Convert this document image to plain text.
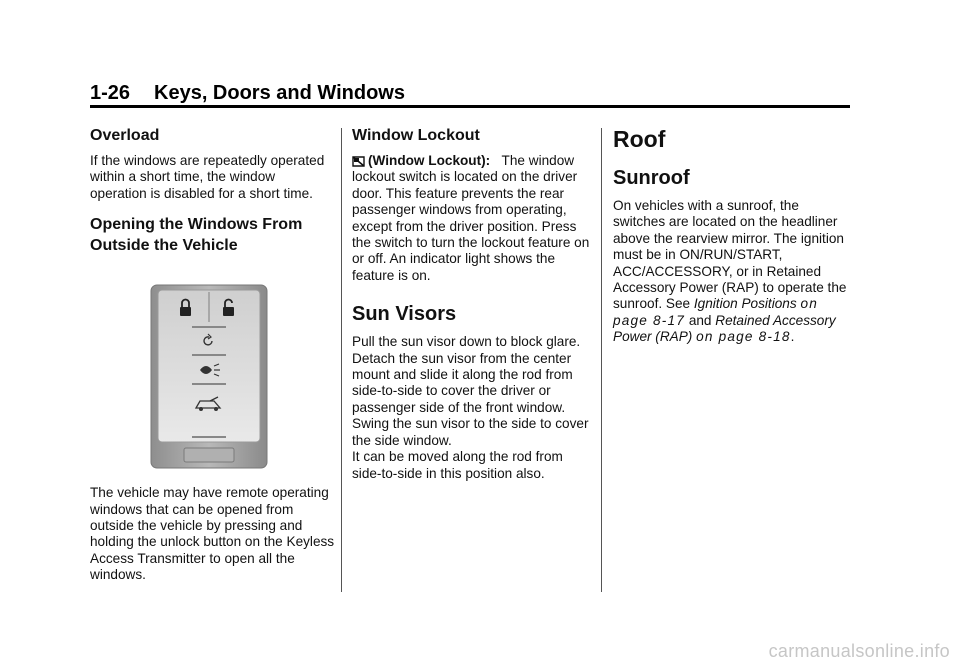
1-26 Keys, Doors and Windows
Overload

If the windows are repeatedly operated within a short time, the window operation is disabled for a short time.

Opening the Windows From
Outside the Vehicle

The vehicle may have remote operating windows that can be opened from outside the vehicle by pressing and holding the unlock button on the Keyless Access Transmitter to open all the windows.

Window Lockout

(Window Lockout): The window lockout switch is located on the driver door. This feature prevents the rear passenger windows from operating, except from the driver position. Press the switch to turn the lockout feature on or off. An indicator light shows the feature is on.

Sun Visors

Pull the sun visor down to block glare. Detach the sun visor from the center mount and slide it along the rod from side-to-side to cover the driver or passenger side of the front window. Swing the sun visor to the side to cover the side window.

It can be moved along the rod from side-to-side in this position also.

Roof
Sunroof

On vehicles with a sunroof, the switches are located on the headliner above the rearview mirror. The ignition must be in ON/RUN/START, ACC/ACCESSORY, or in Retained Accessory Power (RAP) to operate the sunroof. See Ignition Positions on page 8-17 and Retained Accessory Power (RAP) on page 8-18.

carmanualsonline.info
